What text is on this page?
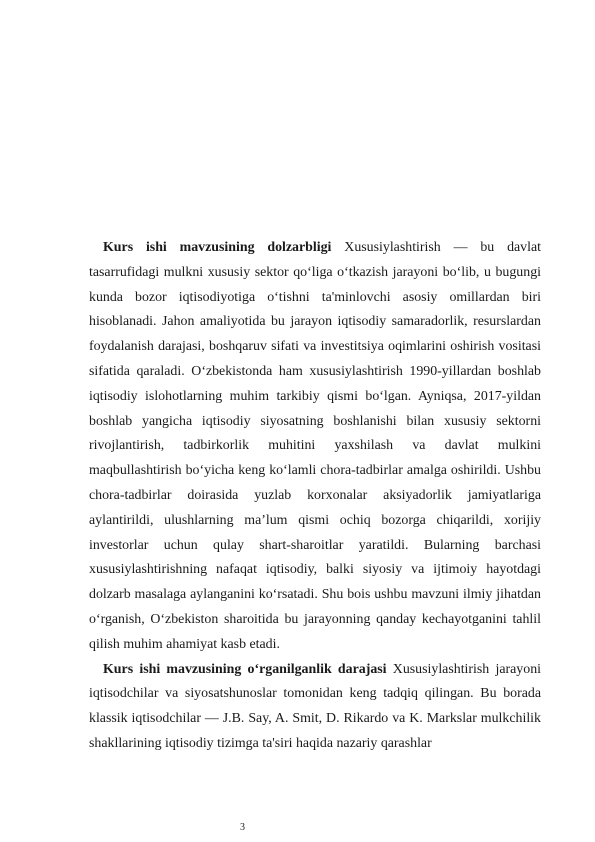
Kurs ishi mavzusining dolzarbligi Xususiylashtirish — bu davlat tasarrufidagi mulkni xususiy sektor qo‘liga o‘tkazish jarayoni bo‘lib, u bugungi kunda bozor iqtisodiyotiga o‘tishni ta'minlovchi asosiy omillardan biri hisoblanadi. Jahon amaliyotida bu jarayon iqtisodiy samaradorlik, resurslardan foydalanish darajasi, boshqaruv sifati va investitsiya oqimlarini oshirish vositasi sifatida qaraladi. O‘zbekistonda ham xususiylashtirish 1990-yillardan boshlab iqtisodiy islohotlarning muhim tarkibiy qismi bo‘lgan. Ayniqsa, 2017-yildan boshlab yangicha iqtisodiy siyosatning boshlanishi bilan xususiy sektorni rivojlantirish, tadbirkorlik muhitini yaxshilash va davlat mulkini maqbullashtirish bo‘yicha keng ko‘lamli chora-tadbirlar amalga oshirildi. Ushbu chora-tadbirlar doirasida yuzlab korxonalar aksiyadorlik jamiyatlariga aylantirildi, ulushlarning ma’lum qismi ochiq bozorga chiqarildi, xorijiy investorlar uchun qulay shart-sharoitlar yaratildi. Bularning barchasi xususiylashtirishning nafaqat iqtisodiy, balki siyosiy va ijtimoiy hayotdagi dolzarb masalaga aylanganini ko‘rsatadi. Shu bois ushbu mavzuni ilmiy jihatdan o‘rganish, O‘zbekiston sharoitida bu jarayonning qanday kechayotganini tahlil qilish muhim ahamiyat kasb etadi.

Kurs ishi mavzusining o‘rganilganlik darajasi Xususiylashtirish jarayoni iqtisodchilar va siyosatshunoslar tomonidan keng tadqiq qilingan. Bu borada klassik iqtisodchilar — J.B. Say, A. Smit, D. Rikardo va K. Markslar mulkchilik shakllarining iqtisodiy tizimga ta'siri haqida nazariy qarashlar

3
